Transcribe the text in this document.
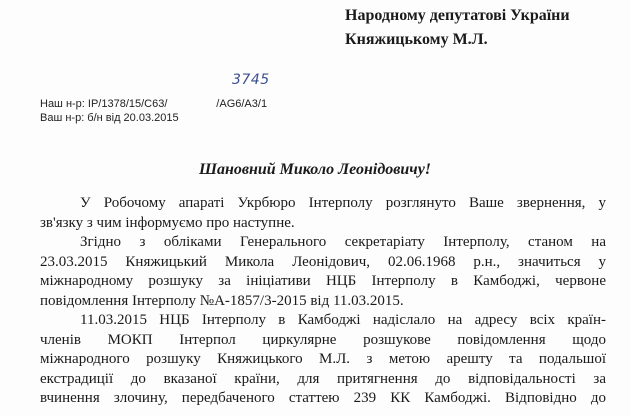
Народному депутатові України
Княжицькому М.Л.
3745
Наш н-р: IP/1378/15/C63/                /AG6/A3/1
Ваш н-р: б/н від 20.03.2015
Шановний Миколо Леонідовичу!

У Робочому апараті Укрбюро Інтерполу розглянуто Ваше звернення, у
зв'язку з чим інформуємо про наступне.

Згідно з обліками Генерального секретаріату Інтерполу, станом на
23.03.2015 Княжицький Микола Леонідович, 02.06.1968 р.н., значиться у
міжнародному розшуку за ініціативи НЦБ Інтерполу в Камбоджі, червоне
повідомлення Інтерполу №А-1857/3-2015 від 11.03.2015.

11.03.2015 НЦБ Інтерполу в Камбоджі надіслало на адресу всіх країн-
членів МОКП Інтерпол циркулярне розшукове повідомлення щодо
міжнародного розшуку Княжицького М.Л. з метою арешту та подальшої
екстрадиції до вказаної країни, для притягнення до відповідальності за
вчинення злочину, передбаченого статтею 239 КК Камбоджі. Відповідно до
